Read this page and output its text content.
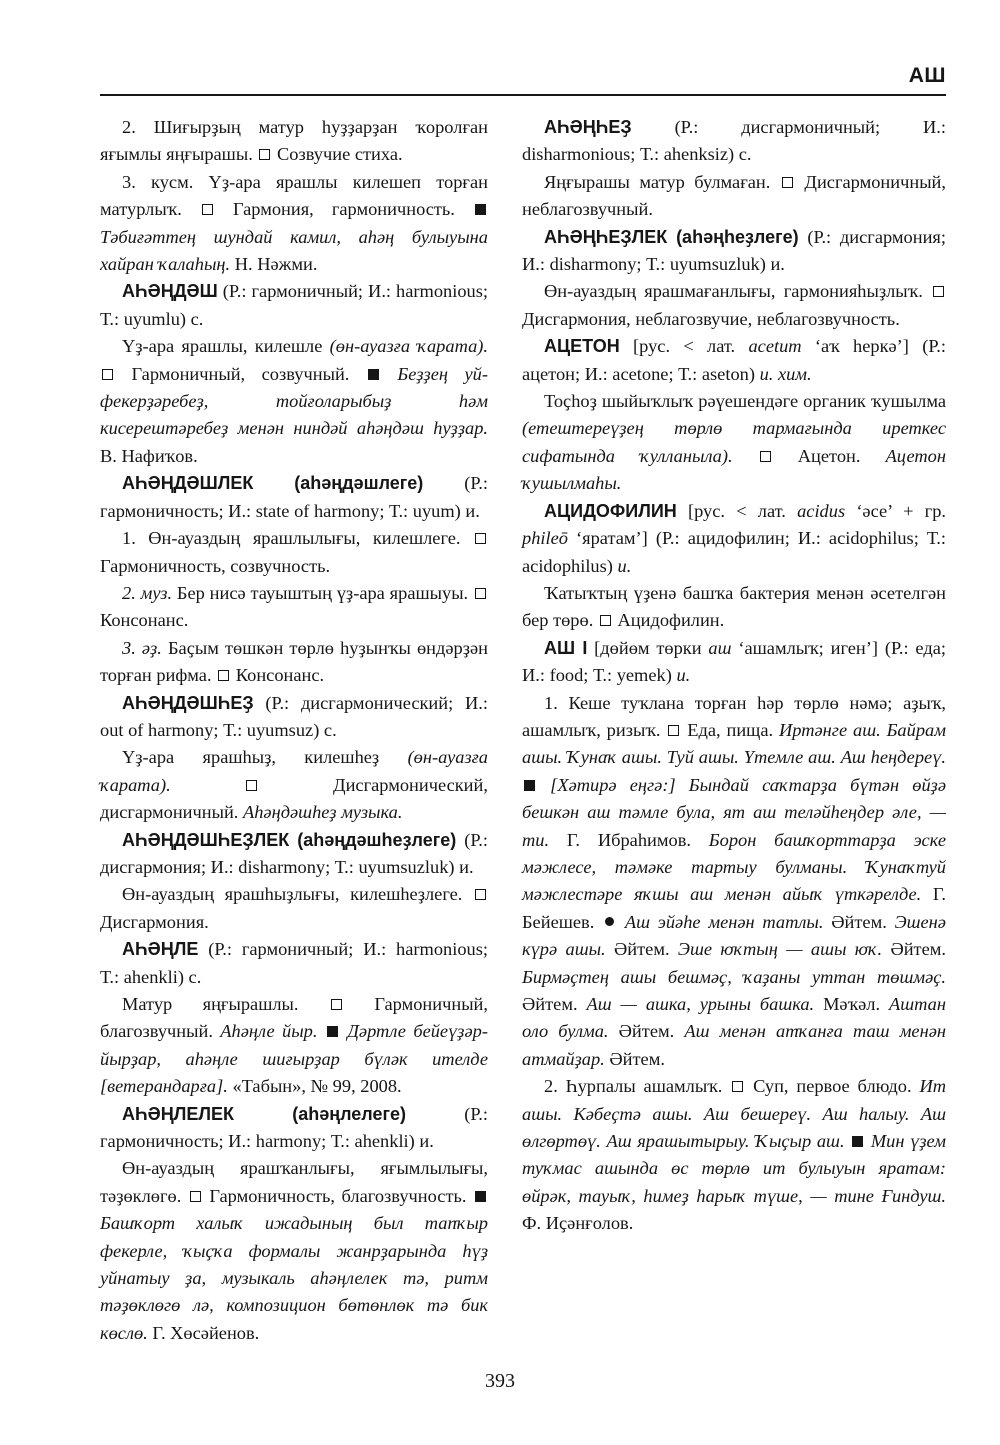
АШ

2. Шиғырҙың матур һуҙҙарҙан ҡоролған яғымлы яңғырашы. Созвучие стиха.

3. кусм. Үҙ-ара ярашлы килешеп торған матурлыҡ.	Гармония, гармоничность.  Тәбиғәттең шундай камил, аһәң булыуына хайран ҡалаһың. Н. Нәжми.

АҺӘҢДӘШ (Р.: гармоничный; И.: harmonious; Т.: uyumlu) с.

Үҙ-ара ярашлы, килешле (өн-ауазға ҡарата).  Гармоничный, созвучный.	Беҙҙең уй-фекерҙәребеҙ, тойғоларыбыҙ һәм кисерештәребеҙ менән ниндәй аһәңдәш һуҙҙар. В. Нафиҡов.

АҺӘҢДӘШЛЕК (аһәңдәшлеге) (Р.: гармоничность; И.: state of harmony; Т.: uyum) и.

1. Өн-ауаздың ярашлылығы, килешлеге.  Гармоничность, созвучность.

2. муз. Бер нисә тауыштың үҙ-ара ярашыуы.  Консонанс.

3. әҙ. Баҫым төшкән төрлө һуҙынҡы өндәрҙән торған рифма. Консонанс.

АҺӘҢДӘШҺЕҘ (Р.: дисгармонический; И.: out of harmony; Т.: uyumsuz) с.

Үҙ-ара ярашһыҙ, килешһеҙ (өн-ауазға ҡарата).	Дисгармонический, дисгармоничный. Аһәңдәшһеҙ музыка.

АҺӘҢДӘШҺЕҘЛЕК (аһәңдәшһеҙлеге) (Р.: дисгармония; И.: disharmony; Т.: uyumsuzluk) и.

Өн-ауаздың ярашһыҙлығы, килешһеҙлеге.  Дисгармония.

АҺӘҢЛЕ (Р.: гармоничный; И.: harmonious; Т.: ahenkli) с.

Матур яңғырашлы.	Гармоничный, благозвучный. Аһәңле йыр. Дәртле бейеүҙәр-йырҙар, аһәңле шиғырҙар бүләк ителде [ветерандарға]. «Табын», № 99, 2008.

АҺӘҢЛЕЛЕК	(аһәңлелеге)	(Р.: гармоничность; И.: harmony; Т.: ahenkli) и.

Өн-ауаздың ярашҡанлығы, яғымлылығы, тәҙөклөгө. Гармоничность, благозвучность.  Башҡорт халыҡ ижадының был тапҡыр фекерле, ҡыҫҡа формалы жанрҙарында һүҙ уйнатыу ҙа, музыкаль аһәңлелек тә, ритм тәҙөклөгө лә, композицион бөтөнлөк тә бик көслө. Г. Хөсәйенов.

АҺӘҢҺЕҘ (Р.: дисгармоничный; И.: disharmonious; Т.: ahenksiz) с.

Яңғырашы матур булмаған. Дисгармоничный, неблагозвучный.

АҺӘҢҺЕҘЛЕК (аһәңһеҙлеге) (Р.: дисгармония; И.: disharmony; Т.: uyumsuzluk) и.

Өн-ауаздың ярашмағанлығы, гармонияһыҙлыҡ.  Дисгармония, неблагозвучие, неблагозвучность.

АЦЕТОН [рус. < лат. acetum ‘аҡ һеркә’] (Р.: ацетон; И.: acetone; Т.: aseton) и. хим.

Тоҫһоҙ шыйыҡлыҡ рәүешендәге органик ҡушылма (етештереүҙең төрлө тармағында иреткес сифатында ҡулланыла).	Ацетон. Ацетон ҡушылмаһы.

АЦИДОФИЛИН [рус. < лат. acidus ‘әсе’ + гр. phileō ‘яратам’] (Р.: ацидофилин; И.: acidophilus; Т.: acidophilus) и.

Ҡатыҡтың үҙенә башҡа бактерия менән әсетелгән бер төрө. Ацидофилин.

АШ I [дөйөм төрки аш ‘ашамлыҡ; иген’] (Р.: еда; И.: food; Т.: yemek) и.

1. Кеше туҡлана торған һәр төрлө нәмә; аҙыҡ, ашамлыҡ, ризыҡ. Еда, пища. Иртәнге аш. Байрам ашы. Ҡунаҡ ашы. Туй ашы. Үтемле аш. Аш һеңдереү.  [Хәтирә еңгә:] Бындай саҡтарҙа бүтән өйҙә бешкән аш тәмле була, ят аш теләйһеңдер әле, — ти. Г. Ибраһимов. Борон башҡорттарҙа эске мәжлесе, тәмәке тартыу булманы. Ҡунаҡтуй мәжлестәре яҡшы аш менән айыҡ үткәрелде. Г. Бейешев. Аш эйәһе менән татлы. Әйтем. Эшенә күрә ашы. Әйтем. Эше юҡтың — ашы юҡ. Әйтем. Бирмәҫтең ашы бешмәҫ, ҡаҙаны уттан төшмәҫ. Әйтем. Аш — ашка, урыны башка. Мәҡәл. Аштан оло булма. Әйтем. Аш менән атҡанға таш менән атмайҙар. Әйтем.

2. Һурпалы ашамлыҡ. Суп, первое блюдо. Ит ашы. Кәбеҫтә ашы. Аш бешереү. Аш һалыу. Аш өлгөртөү. Аш ярашытырыу. Ҡыҫыр аш. Мин үҙем туҡмас ашында өс төрлө ит булыуын яратам: өйрәк, тауыҡ, һимеҙ һарыҡ түше, — тине Ғиндуш. Ф. Иҫәнғолов.

393
